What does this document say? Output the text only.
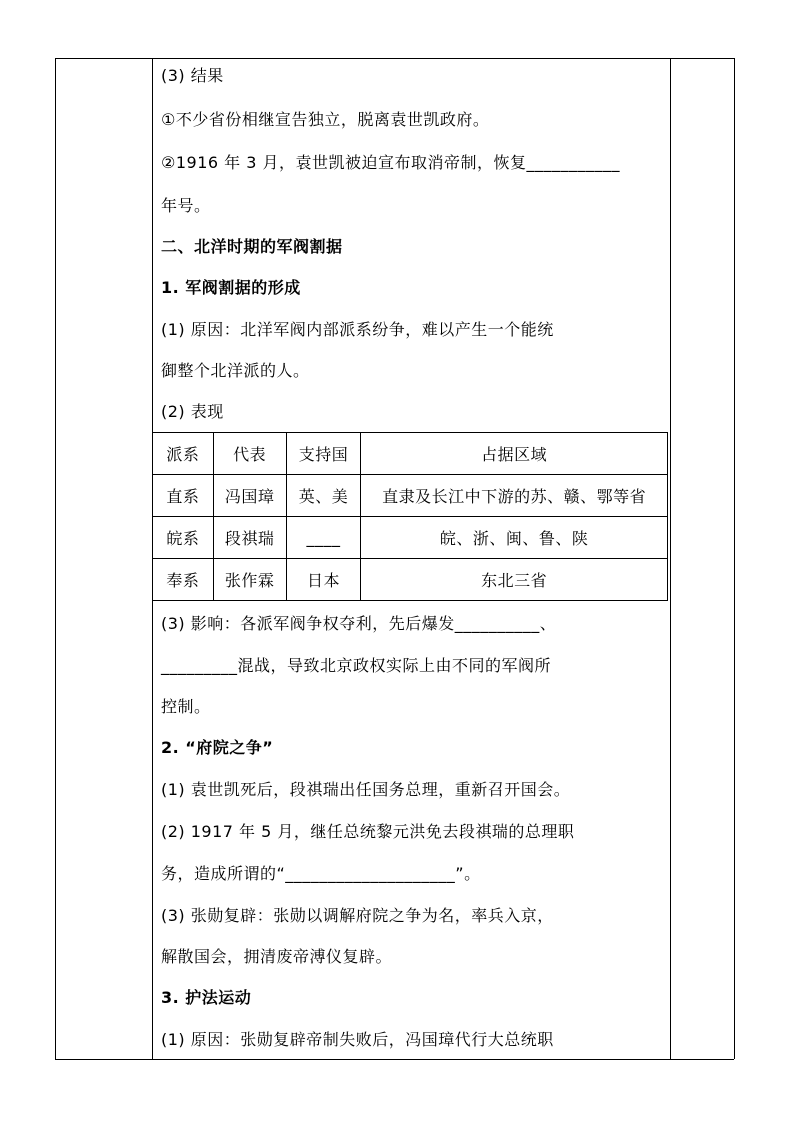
(3) 结果
①不少省份相继宣告独立，脱离袁世凯政府。
②1916 年 3 月，袁世凯被迫宣布取消帝制，恢复___________
年号。
二、北洋时期的军阀割据
1. 军阀割据的形成
(1) 原因：北洋军阀内部派系纷争，难以产生一个能统
御整个北洋派的人。
(2) 表现
派系	代表	支持国	占据区域
直系	冯国璋	英、美	直隶及长江中下游的苏、赣、鄂等省
皖系	段祺瑞	____	皖、浙、闽、鲁、陕
奉系	张作霖	日本	东北三省
(3) 影响：各派军阀争权夺利，先后爆发__________、
_________混战，导致北京政权实际上由不同的军阀所
控制。
2. “府院之争”
(1) 袁世凯死后，段祺瑞出任国务总理，重新召开国会。
(2) 1917 年 5 月，继任总统黎元洪免去段祺瑞的总理职
务，造成所谓的“____________________”。
(3) 张勋复辟：张勋以调解府院之争为名，率兵入京，
解散国会，拥清废帝溥仪复辟。
3. 护法运动
(1) 原因：张勋复辟帝制失败后，冯国璋代行大总统职
